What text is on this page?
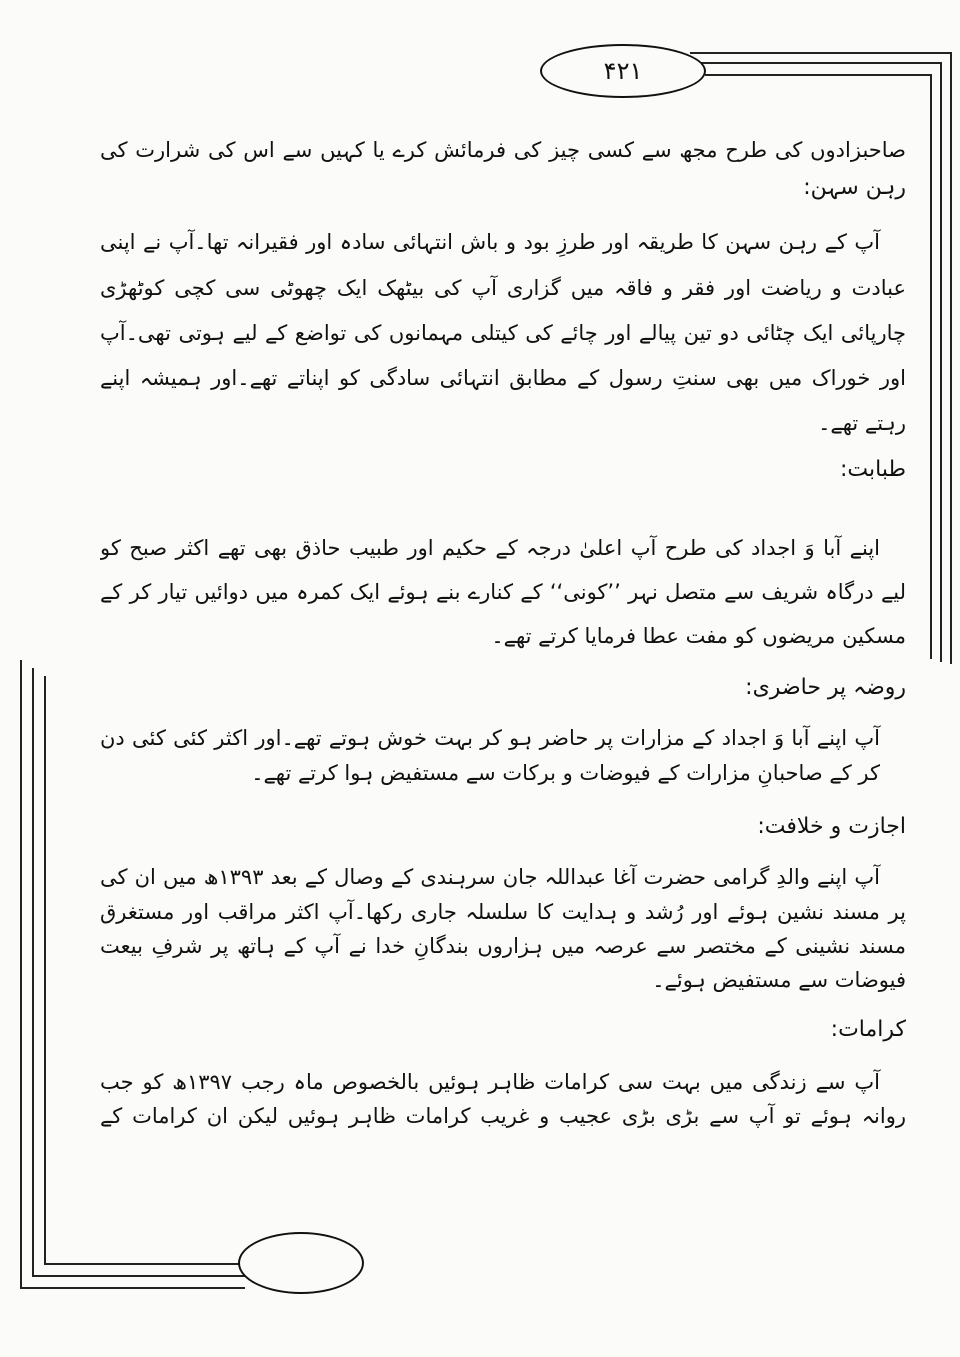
۴۲۱
صاحبزادوں کی طرح مجھ سے کسی چیز کی فرمائش کرے یا کہیں سے اس کی شرارت کی
رہن سہن:
آپ کے رہن سہن کا طریقہ اور طرزِ بود و باش انتہائی سادہ اور فقیرانہ تھا۔آپ نے اپنی
عبادت و ریاضت اور فقر و فاقہ میں گزاری آپ کی بیٹھک ایک چھوٹی سی کچی کوٹھڑی
چارپائی ایک چٹائی دو تین پیالے اور چائے کی کیتلی مہمانوں کی تواضع کے لیے ہوتی تھی۔آپ
اور خوراک میں بھی سنتِ رسول کے مطابق انتہائی سادگی کو اپناتے تھے۔اور ہمیشہ اپنے
رہتے تھے۔
طبابت:
اپنے آبا وَ اجداد کی طرح آپ اعلیٰ درجہ کے حکیم اور طبیب حاذق بھی تھے اکثر صبح کو
لیے درگاہ شریف سے متصل نہر ’’کونی‘‘ کے کنارے بنے ہوئے ایک کمرہ میں دوائیں تیار کر کے
مسکین مریضوں کو مفت عطا فرمایا کرتے تھے۔
روضہ پر حاضری:
آپ اپنے آبا وَ اجداد کے مزارات پر حاضر ہو کر بہت خوش ہوتے تھے۔اور اکثر کئی کئی دن
کر کے صاحبانِ مزارات کے فیوضات و برکات سے مستفیض ہوا کرتے تھے۔
اجازت و خلافت:
آپ اپنے والدِ گرامی حضرت آغا عبداللہ جان سرہندی کے وصال کے بعد ۱۳۹۳ھ میں ان کی
پر مسند نشین ہوئے اور رُشد و ہدایت کا سلسلہ جاری رکھا۔آپ اکثر مراقب اور مستغرق
مسند نشینی کے مختصر سے عرصہ میں ہزاروں بندگانِ خدا نے آپ کے ہاتھ پر شرفِ بیعت
فیوضات سے مستفیض ہوئے۔
کرامات:
آپ سے زندگی میں بہت سی کرامات ظاہر ہوئیں بالخصوص ماہ رجب ۱۳۹۷ھ کو جب
روانہ ہوئے تو آپ سے بڑی بڑی عجیب و غریب کرامات ظاہر ہوئیں لیکن ان کرامات کے
